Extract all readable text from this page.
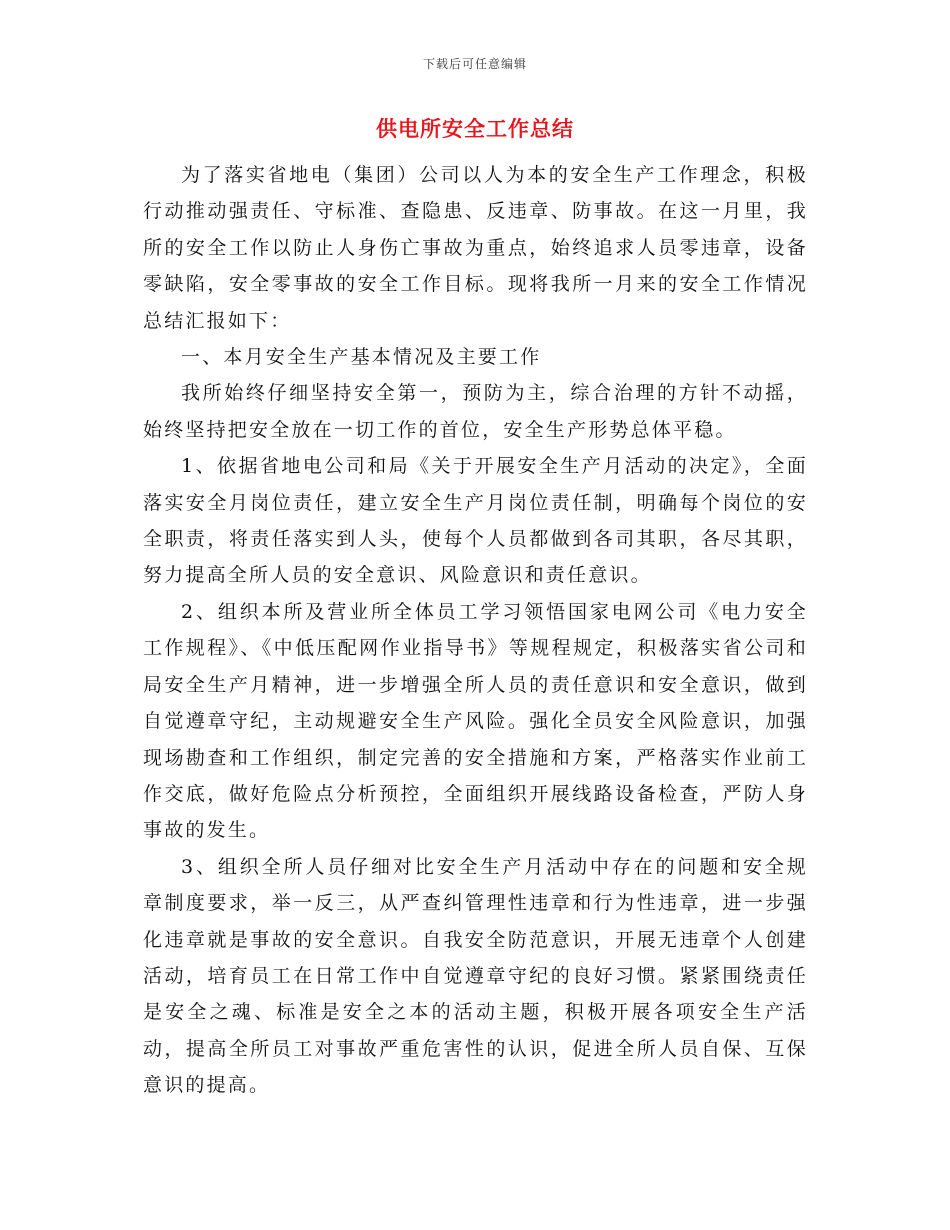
下载后可任意编辑
供电所安全工作总结

为了落实省地电（集团）公司以人为本的安全生产工作理念，积极行动推动强责任、守标准、查隐患、反违章、防事故。在这一月里，我所的安全工作以防止人身伤亡事故为重点，始终追求人员零违章，设备零缺陷，安全零事故的安全工作目标。现将我所一月来的安全工作情况总结汇报如下：

一、本月安全生产基本情况及主要工作

我所始终仔细坚持安全第一，预防为主，综合治理的方针不动摇，始终坚持把安全放在一切工作的首位，安全生产形势总体平稳。

1、依据省地电公司和局《关于开展安全生产月活动的决定》，全面落实安全月岗位责任，建立安全生产月岗位责任制，明确每个岗位的安全职责，将责任落实到人头，使每个人员都做到各司其职，各尽其职，努力提高全所人员的安全意识、风险意识和责任意识。

2、组织本所及营业所全体员工学习领悟国家电网公司《电力安全工作规程》、《中低压配网作业指导书》等规程规定，积极落实省公司和局安全生产月精神，进一步增强全所人员的责任意识和安全意识，做到自觉遵章守纪，主动规避安全生产风险。强化全员安全风险意识，加强现场勘查和工作组织，制定完善的安全措施和方案，严格落实作业前工作交底，做好危险点分析预控，全面组织开展线路设备检查，严防人身事故的发生。

3、组织全所人员仔细对比安全生产月活动中存在的问题和安全规章制度要求，举一反三，从严查纠管理性违章和行为性违章，进一步强化违章就是事故的安全意识。自我安全防范意识，开展无违章个人创建活动，培育员工在日常工作中自觉遵章守纪的良好习惯。紧紧围绕责任是安全之魂、标准是安全之本的活动主题，积极开展各项安全生产活动，提高全所员工对事故严重危害性的认识，促进全所人员自保、互保意识的提高。
